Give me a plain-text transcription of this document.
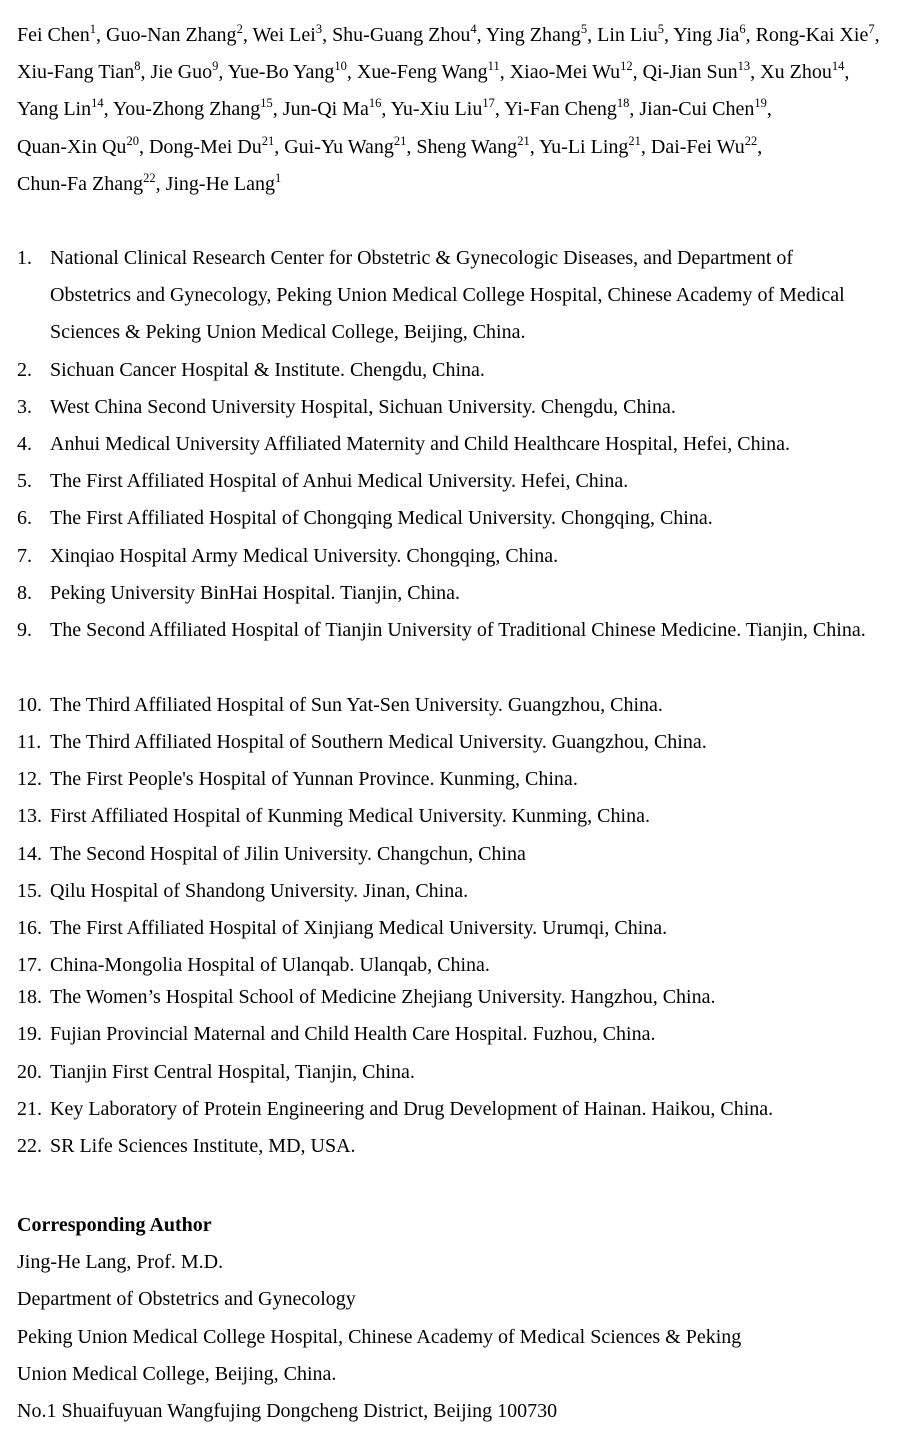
Fei Chen$^1$, Guo-Nan Zhang$^2$, Wei Lei$^3$, Shu-Guang Zhou$^4$, Ying Zhang$^5$, Lin Liu$^5$, Ying Jia$^6$, Rong-Kai Xie$^7$, Xiu-Fang Tian$^8$, Jie Guo$^9$, Yue-Bo Yang$^{10}$, Xue-Feng Wang$^{11}$, Xiao-Mei Wu$^{12}$, Qi-Jian Sun$^{13}$, Xu Zhou$^{14}$, Yang Lin$^{14}$, You-Zhong Zhang$^{15}$, Jun-Qi Ma$^{16}$, Yu-Xiu Liu$^{17}$, Yi-Fan Cheng$^{18}$, Jian-Cui Chen$^{19}$, Quan-Xin Qu$^{20}$, Dong-Mei Du$^{21}$, Gui-Yu Wang$^{21}$, Sheng Wang$^{21}$, Yu-Li Ling$^{21}$, Dai-Fei Wu$^{22}$, Chun-Fa Zhang$^{22}$, Jing-He Lang$^1$
1. National Clinical Research Center for Obstetric & Gynecologic Diseases, and Department of Obstetrics and Gynecology, Peking Union Medical College Hospital, Chinese Academy of Medical Sciences & Peking Union Medical College, Beijing, China.
2. Sichuan Cancer Hospital & Institute. Chengdu, China.
3. West China Second University Hospital, Sichuan University. Chengdu, China.
4. Anhui Medical University Affiliated Maternity and Child Healthcare Hospital, Hefei, China.
5. The First Affiliated Hospital of Anhui Medical University. Hefei, China.
6. The First Affiliated Hospital of Chongqing Medical University. Chongqing, China.
7. Xinqiao Hospital Army Medical University. Chongqing, China.
8. Peking University BinHai Hospital. Tianjin, China.
9. The Second Affiliated Hospital of Tianjin University of Traditional Chinese Medicine. Tianjin, China.
10. The Third Affiliated Hospital of Sun Yat-Sen University. Guangzhou, China.
11. The Third Affiliated Hospital of Southern Medical University. Guangzhou, China.
12. The First People's Hospital of Yunnan Province. Kunming, China.
13. First Affiliated Hospital of Kunming Medical University. Kunming, China.
14. The Second Hospital of Jilin University. Changchun, China
15. Qilu Hospital of Shandong University. Jinan, China.
16. The First Affiliated Hospital of Xinjiang Medical University. Urumqi, China.
17. China-Mongolia Hospital of Ulanqab. Ulanqab, China.
18. The Women’s Hospital School of Medicine Zhejiang University. Hangzhou, China.
19. Fujian Provincial Maternal and Child Health Care Hospital. Fuzhou, China.
20. Tianjin First Central Hospital, Tianjin, China.
21. Key Laboratory of Protein Engineering and Drug Development of Hainan. Haikou, China.
22. SR Life Sciences Institute, MD, USA.
Corresponding Author
Jing-He Lang, Prof. M.D.
Department of Obstetrics and Gynecology
Peking Union Medical College Hospital, Chinese Academy of Medical Sciences & Peking
Union Medical College, Beijing, China.
No.1 Shuaifuyuan Wangfujing Dongcheng District, Beijing 100730
